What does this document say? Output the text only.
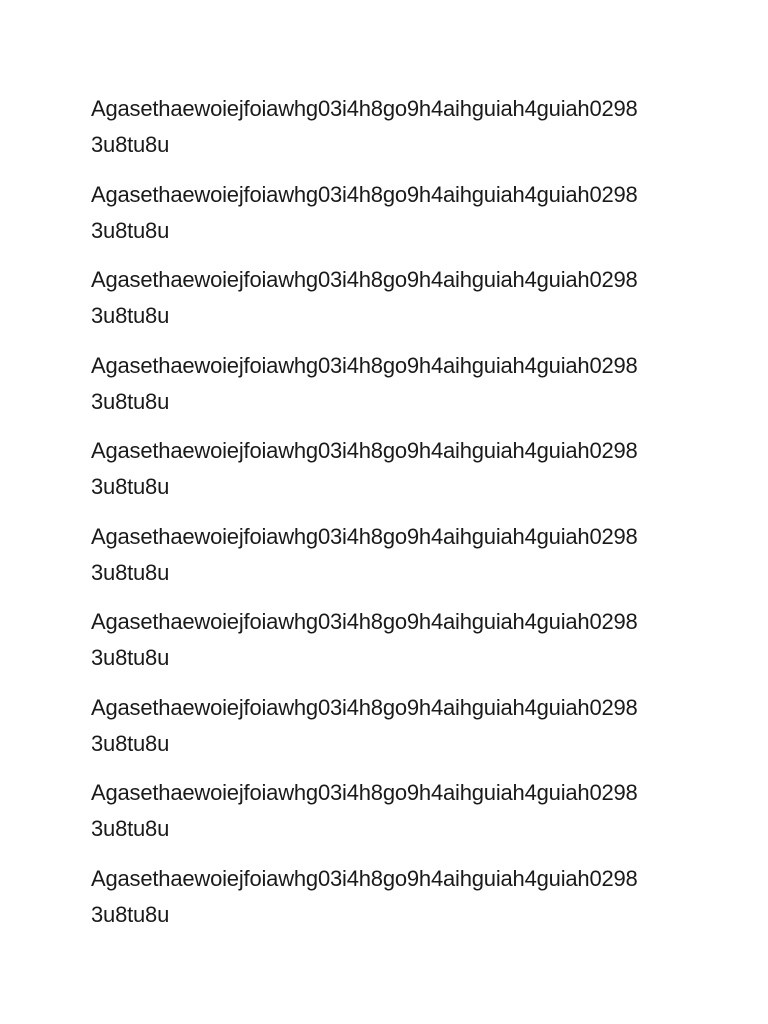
Agasethaewoiejfoiawhg03i4h8go9h4aihguiah4guiah0298
3u8tu8u

Agasethaewoiejfoiawhg03i4h8go9h4aihguiah4guiah0298
3u8tu8u

Agasethaewoiejfoiawhg03i4h8go9h4aihguiah4guiah0298
3u8tu8u

Agasethaewoiejfoiawhg03i4h8go9h4aihguiah4guiah0298
3u8tu8u

Agasethaewoiejfoiawhg03i4h8go9h4aihguiah4guiah0298
3u8tu8u

Agasethaewoiejfoiawhg03i4h8go9h4aihguiah4guiah0298
3u8tu8u

Agasethaewoiejfoiawhg03i4h8go9h4aihguiah4guiah0298
3u8tu8u

Agasethaewoiejfoiawhg03i4h8go9h4aihguiah4guiah0298
3u8tu8u

Agasethaewoiejfoiawhg03i4h8go9h4aihguiah4guiah0298
3u8tu8u

Agasethaewoiejfoiawhg03i4h8go9h4aihguiah4guiah0298
3u8tu8u
